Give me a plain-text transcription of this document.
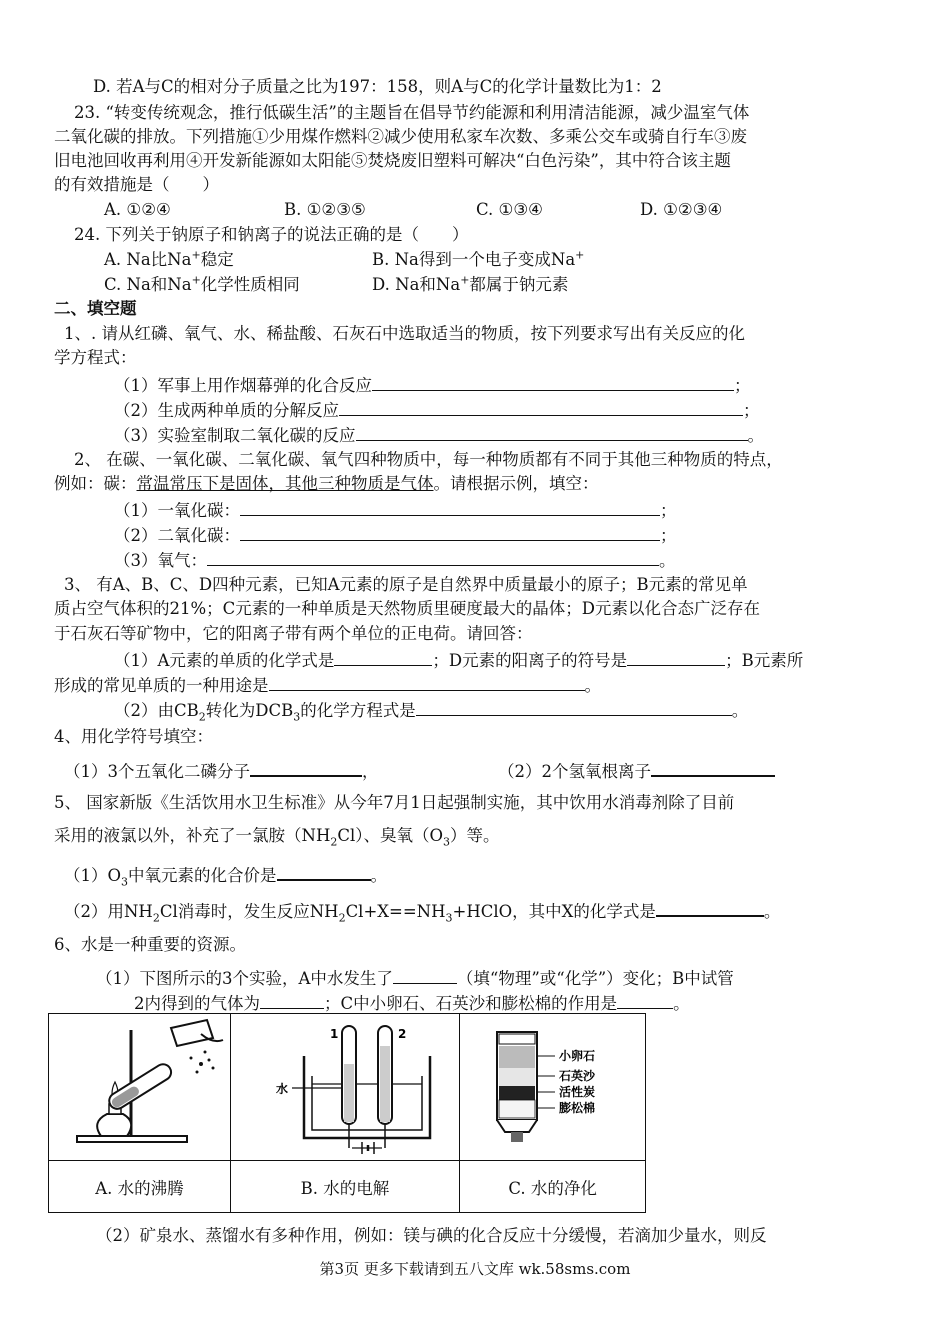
D. 若A与C的相对分子质量之比为197：158，则A与C的化学计量数比为1：2
23. “转变传统观念，推行低碳生活”的主题旨在倡导节约能源和利用清洁能源，减少温室气体
二氧化碳的排放。下列措施①少用煤作燃料②减少使用私家车次数、多乘公交车或骑自行车③废
旧电池回收再利用④开发新能源如太阳能⑤焚烧废旧塑料可解决“白色污染”，其中符合该主题
的有效措施是（　　）
A. ①②④	B. ①②③⑤	C. ①③④	D. ①②③④
24. 下列关于钠原子和钠离子的说法正确的是（　　）
A. Na比Na+稳定	B. Na得到一个电子变成Na+
C. Na和Na+化学性质相同	D. Na和Na+都属于钠元素
二、填空题
1、. 请从红磷、氧气、水、稀盐酸、石灰石中选取适当的物质，按下列要求写出有关反应的化
学方程式：
（1）军事上用作烟幕弹的化合反应	；
（2）生成两种单质的分解反应	；
（3）实验室制取二氧化碳的反应	。
2、 在碳、一氧化碳、二氧化碳、氧气四种物质中，每一种物质都有不同于其他三种物质的特点，
例如：碳：常温常压下是固体，其他三种物质是气体。请根据示例，填空：
（1）一氧化碳：	；
（2）二氧化碳：	；
（3）氧气：	。
3、 有A、B、C、D四种元素，已知A元素的原子是自然界中质量最小的原子；B元素的常见单
质占空气体积的21%；C元素的一种单质是天然物质里硬度最大的晶体；D元素以化合态广泛存在
于石灰石等矿物中，它的阳离子带有两个单位的正电荷。请回答：
（1）A元素的单质的化学式是	；D元素的阳离子的符号是	；B元素所
形成的常见单质的一种用途是	。
（2）由$CB_2$转化为$DCB_3$的化学方程式是	。
4、用化学符号填空：
（1）3个五氧化二磷分子	，	（2）2个氢氧根离子
5、 国家新版《生活饮用水卫生标准》从今年7月1日起强制实施，其中饮用水消毒剂除了目前
采用的液氯以外，补充了一氯胺$(NH_2Cl)$、臭氧$(O_3)$等。
$(1)O_3$中氧元素的化合价是	。
（2）用$NH_2Cl$消毒时，发生反应$NH_2Cl+X==NH_3+HClO$，其中X的化学式是	。
6、水是一种重要的资源。
（1）下图所示的3个实验，A中水发生了	（填“物理”或“化学”）变化；B中试管
2内得到的气体为	；C中小卵石、石英沙和膨松棉的作用是	。

水
1 2	小卵石
石英沙
活性炭
膨松棉

A. 水的沸腾	B. 水的电解	C. 水的净化
（2）矿泉水、蒸馏水有多种作用，例如：镁与碘的化合反应十分缓慢，若滴加少量水，则反
第3页 更多下载请到五八文库 wk.58sms.com
